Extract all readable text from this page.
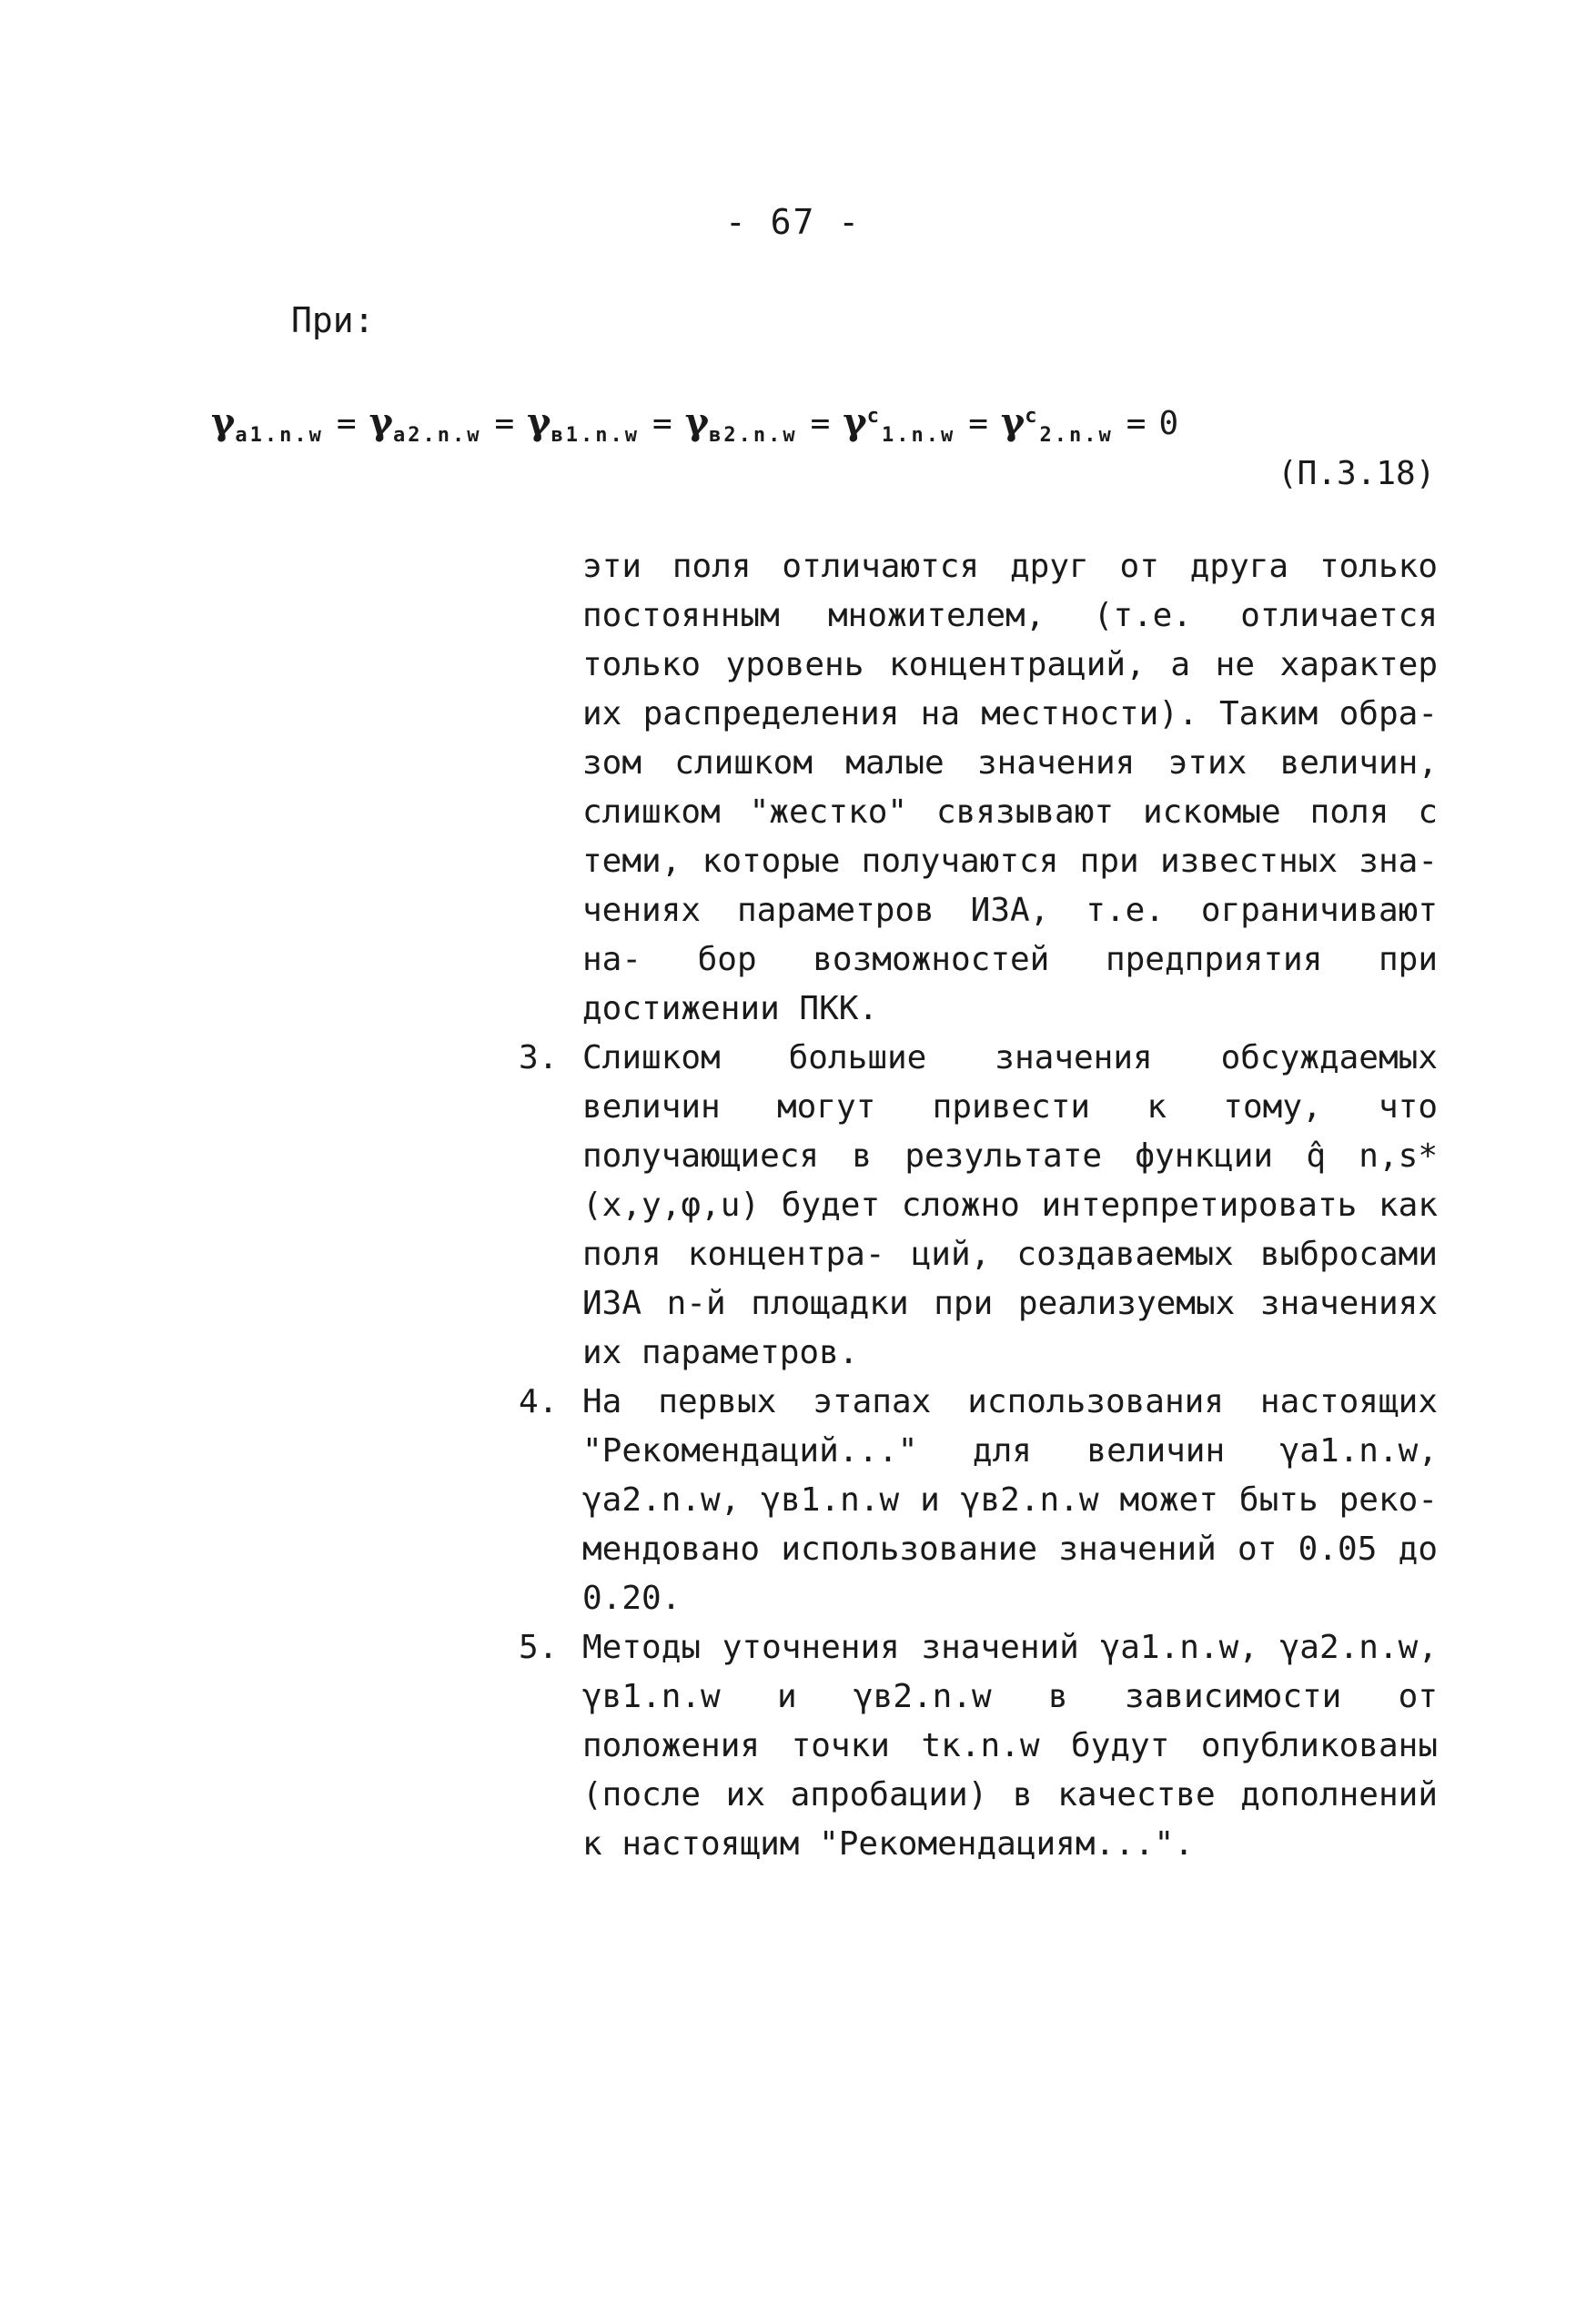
- 67 -
При:
$\gamma_{a1.n.w} = \gamma_{a2.n.w} = \gamma_{в1.n.w} = \gamma_{в2.n.w} = \gamma^c_{1.n.w} = \gamma^c_{2.n.w} = 0$
(П.3.18)
эти поля отличаются друг от друга только постоянным множителем, (т.е. отличается только уровень концентраций, а не характер их распределения на местности). Таким обра- зом слишком малые значения этих величин, слишком "жестко" связывают искомые поля с теми, которые получаются при известных зна- чениях параметров ИЗА, т.е. ограничивают на- бор возможностей предприятия при достижении ПКК.
3. Слишком большие значения обсуждаемых величин могут привести к тому, что получающиеся в результате функции q̂ n,s*(x,y,φ,u) будет сложно интерпретировать как поля концентра- ций, создаваемых выбросами ИЗА n-й площадки при реализуемых значениях их параметров.
4. На первых этапах использования настоящих "Рекомендаций..." для величин γa1.n.w, γa2.n.w, γв1.n.w и γв2.n.w может быть реко- мендовано использование значений от 0.05 до 0.20.
5. Методы уточнения значений γa1.n.w, γa2.n.w, γв1.n.w и γв2.n.w в зависимости от положения точки tк.n.w будут опубликованы (после их апробации) в качестве дополнений к настоящим "Рекомендациям...".
